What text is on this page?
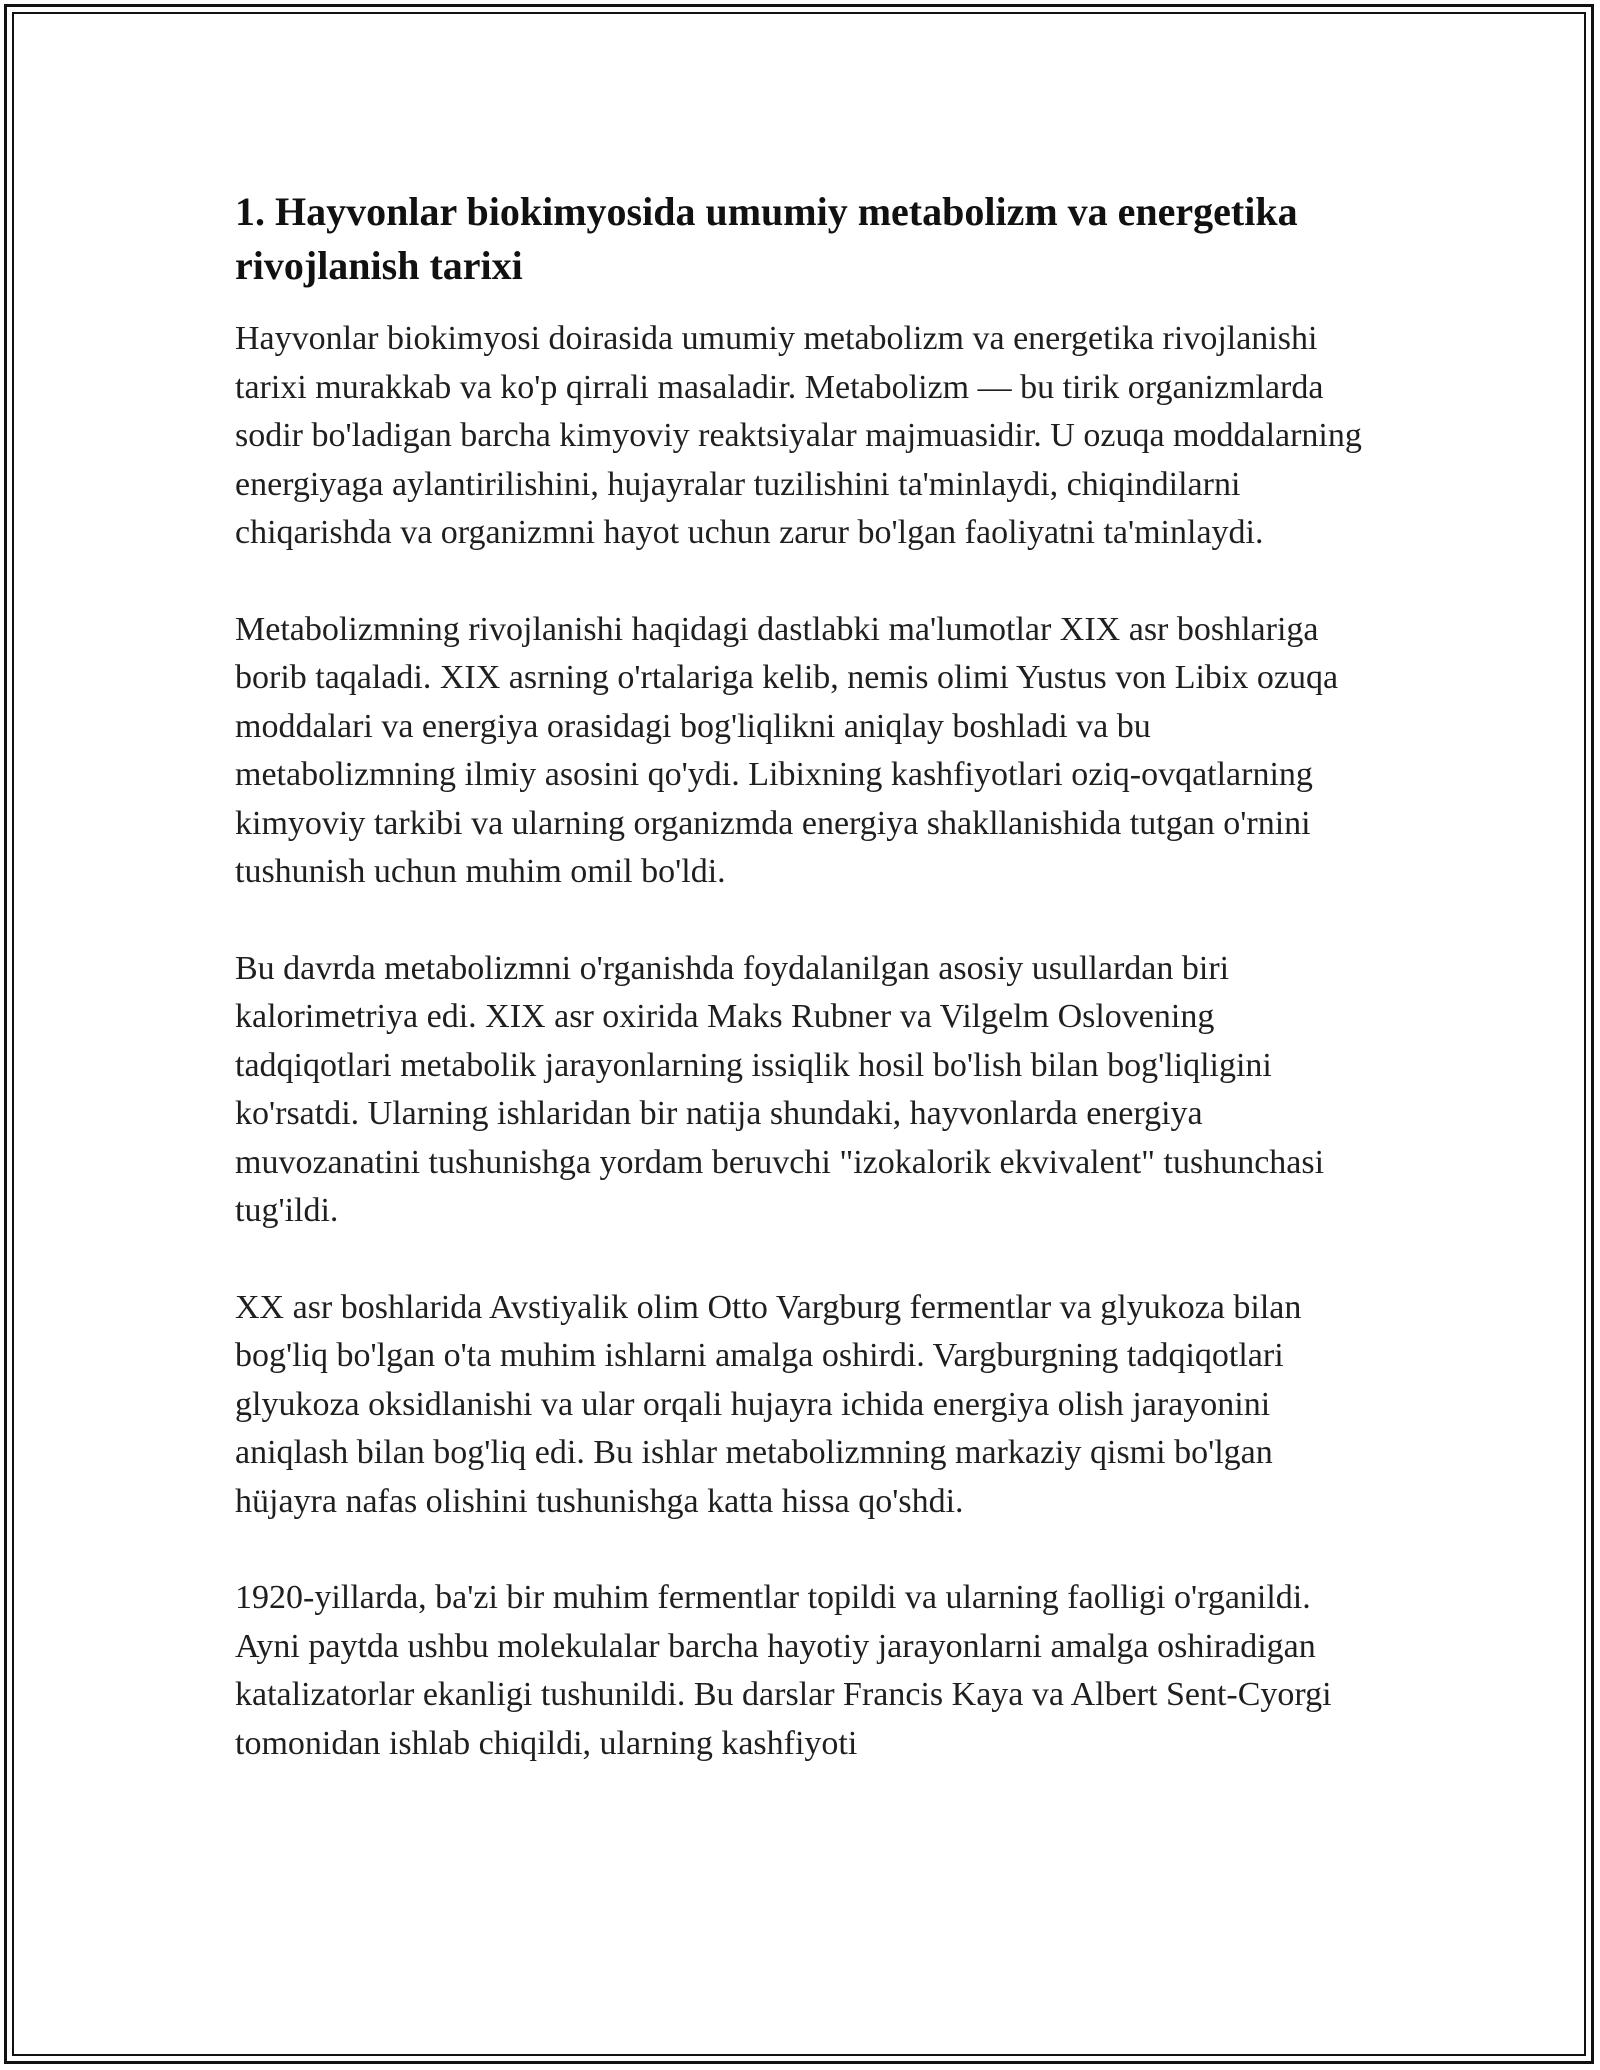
1. Hayvonlar biokimyosida umumiy metabolizm va energetika rivojlanish tarixi

Hayvonlar biokimyosi doirasida umumiy metabolizm va energetika rivojlanishi tarixi murakkab va ko'p qirrali masaladir. Metabolizm — bu tirik organizmlarda sodir bo'ladigan barcha kimyoviy reaktsiyalar majmuasidir. U ozuqa moddalarning energiyaga aylantirilishini, hujayralar tuzilishini ta'minlaydi, chiqindilarni chiqarishda va organizmni hayot uchun zarur bo'lgan faoliyatni ta'minlaydi.

Metabolizmning rivojlanishi haqidagi dastlabki ma'lumotlar XIX asr boshlariga borib taqaladi. XIX asrning o'rtalariga kelib, nemis olimi Yustus von Libix ozuqa moddalari va energiya orasidagi bog'liqlikni aniqlay boshladi va bu metabolizmning ilmiy asosini qo'ydi. Libixning kashfiyotlari oziq-ovqatlarning kimyoviy tarkibi va ularning organizmda energiya shakllanishida tutgan o'rnini tushunish uchun muhim omil bo'ldi.

Bu davrda metabolizmni o'rganishda foydalanilgan asosiy usullardan biri kalorimetriya edi. XIX asr oxirida Maks Rubner va Vilgelm Oslovening tadqiqotlari metabolik jarayonlarning issiqlik hosil bo'lish bilan bog'liqligini ko'rsatdi. Ularning ishlaridan bir natija shundaki, hayvonlarda energiya muvozanatini tushunishga yordam beruvchi "izokalorik ekvivalent" tushunchasi tug'ildi.

XX asr boshlarida Avstiyalik olim Otto Vargburg fermentlar va glyukoza bilan bog'liq bo'lgan o'ta muhim ishlarni amalga oshirdi. Vargburgning tadqiqotlari glyukoza oksidlanishi va ular orqali hujayra ichida energiya olish jarayonini aniqlash bilan bog'liq edi. Bu ishlar metabolizmning markaziy qismi bo'lgan hüjayra nafas olishini tushunishga katta hissa qo'shdi.

1920-yillarda, ba'zi bir muhim fermentlar topildi va ularning faolligi o'rganildi. Ayni paytda ushbu molekulalar barcha hayotiy jarayonlarni amalga oshiradigan katalizatorlar ekanligi tushunildi. Bu darslar Francis Kaya va Albert Sent-Cyorgi tomonidan ishlab chiqildi, ularning kashfiyoti
